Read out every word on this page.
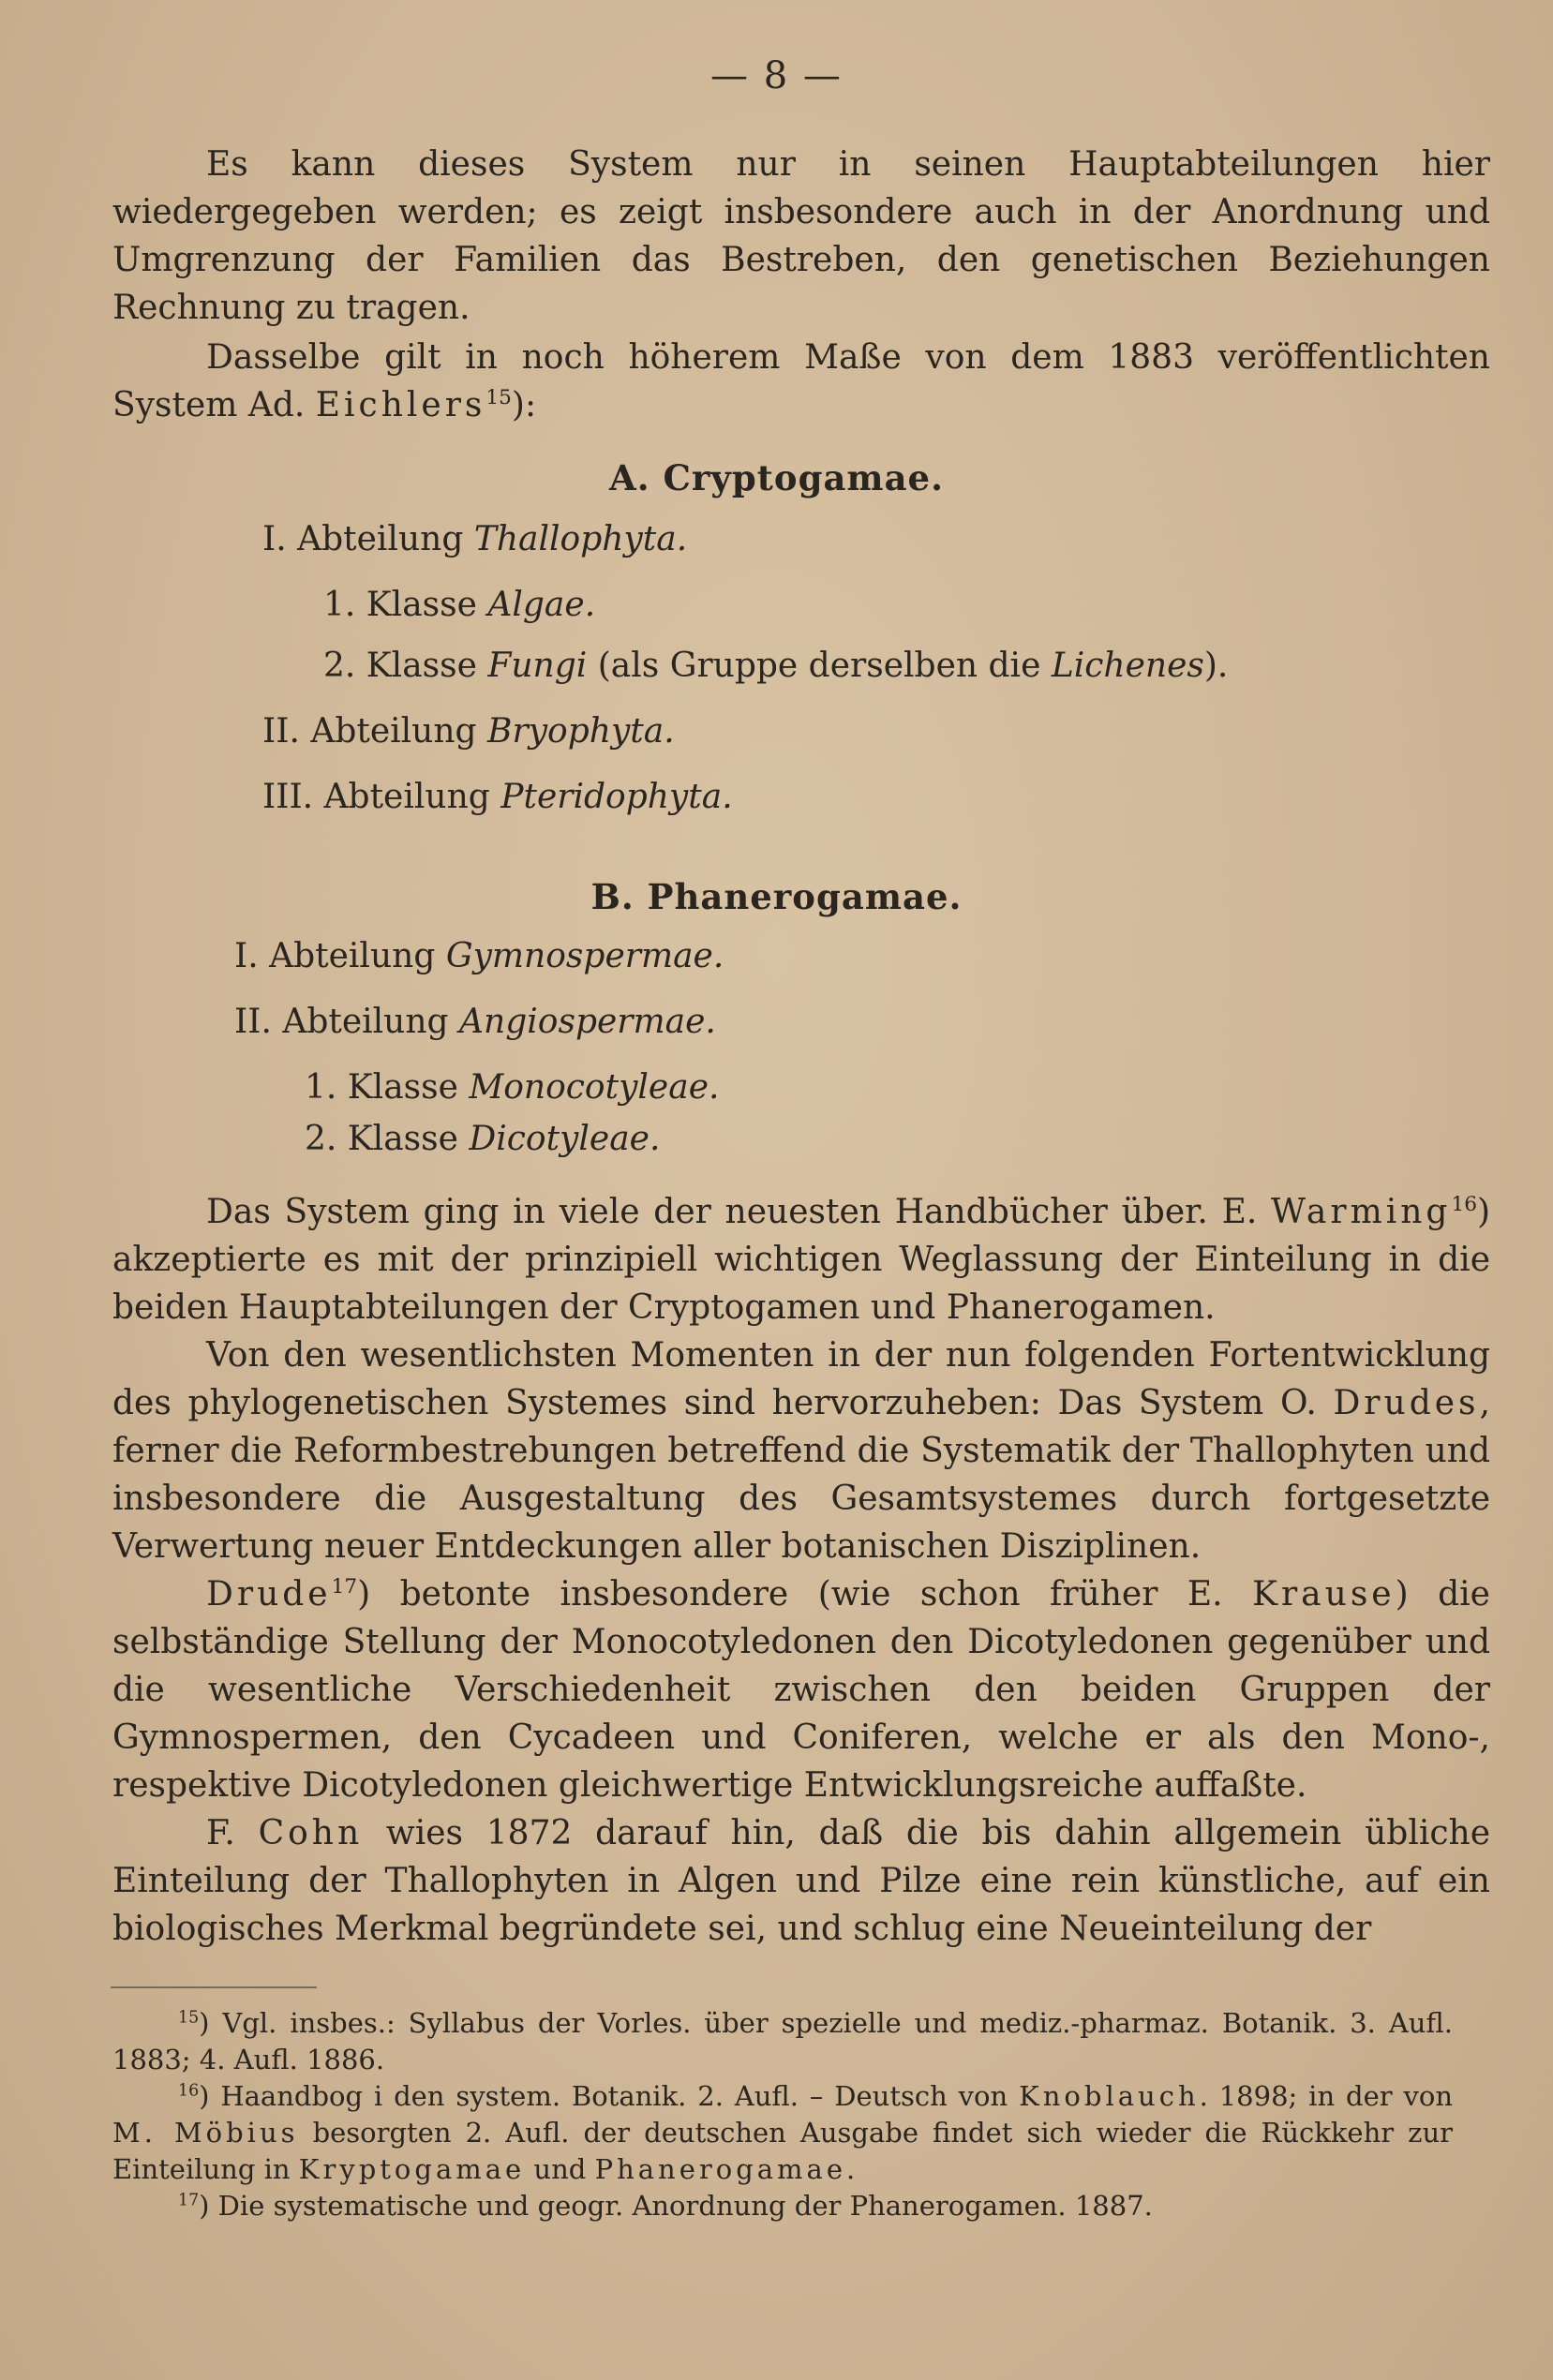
— 8 —

Es kann dieses System nur in seinen Hauptabteilungen hier wiedergegeben werden; es zeigt insbesondere auch in der Anordnung und Umgrenzung der Familien das Bestreben, den genetischen Beziehungen Rechnung zu tragen.

Dasselbe gilt in noch höherem Maße von dem 1883 veröffentlichten System Ad. Eichlers$^{15}$):

A. Cryptogamae.
I. Abteilung Thallophyta.
1. Klasse Algae.
2. Klasse Fungi (als Gruppe derselben die Lichenes).
II. Abteilung Bryophyta.
III. Abteilung Pteridophyta.
B. Phanerogamae.
I. Abteilung Gymnospermae.
II. Abteilung Angiospermae.
1. Klasse Monocotyleae.
2. Klasse Dicotyleae.

Das System ging in viele der neuesten Handbücher über. E. Warming$^{16}$) akzeptierte es mit der prinzipiell wichtigen Weglassung der Einteilung in die beiden Hauptabteilungen der Cryptogamen und Phanerogamen.

Von den wesentlichsten Momenten in der nun folgenden Fortentwicklung des phylogenetischen Systemes sind hervorzuheben: Das System O. Drudes, ferner die Reformbestrebungen betreffend die Systematik der Thallophyten und insbesondere die Ausgestaltung des Gesamtsystemes durch fortgesetzte Verwertung neuer Entdeckungen aller botanischen Disziplinen.

Drude$^{17}$) betonte insbesondere (wie schon früher E. Krause) die selbständige Stellung der Monocotyledonen den Dicotyledonen gegenüber und die wesentliche Verschiedenheit zwischen den beiden Gruppen der Gymnospermen, den Cycadeen und Coniferen, welche er als den Mono-, respektive Dicotyledonen gleichwertige Entwicklungsreiche auffaßte.

F. Cohn wies 1872 darauf hin, daß die bis dahin allgemein übliche Einteilung der Thallophyten in Algen und Pilze eine rein künstliche, auf ein biologisches Merkmal begründete sei, und schlug eine Neueinteilung der

$^{15}$) Vgl. insbes.: Syllabus der Vorles. über spezielle und mediz.-pharmaz. Botanik. 3. Aufl. 1883; 4. Aufl. 1886.

$^{16}$) Haandbog i den system. Botanik. 2. Aufl. – Deutsch von Knoblauch. 1898; in der von M. Möbius besorgten 2. Aufl. der deutschen Ausgabe findet sich wieder die Rückkehr zur Einteilung in Kryptogamae und Phanerogamae.

$^{17}$) Die systematische und geogr. Anordnung der Phanerogamen. 1887.
